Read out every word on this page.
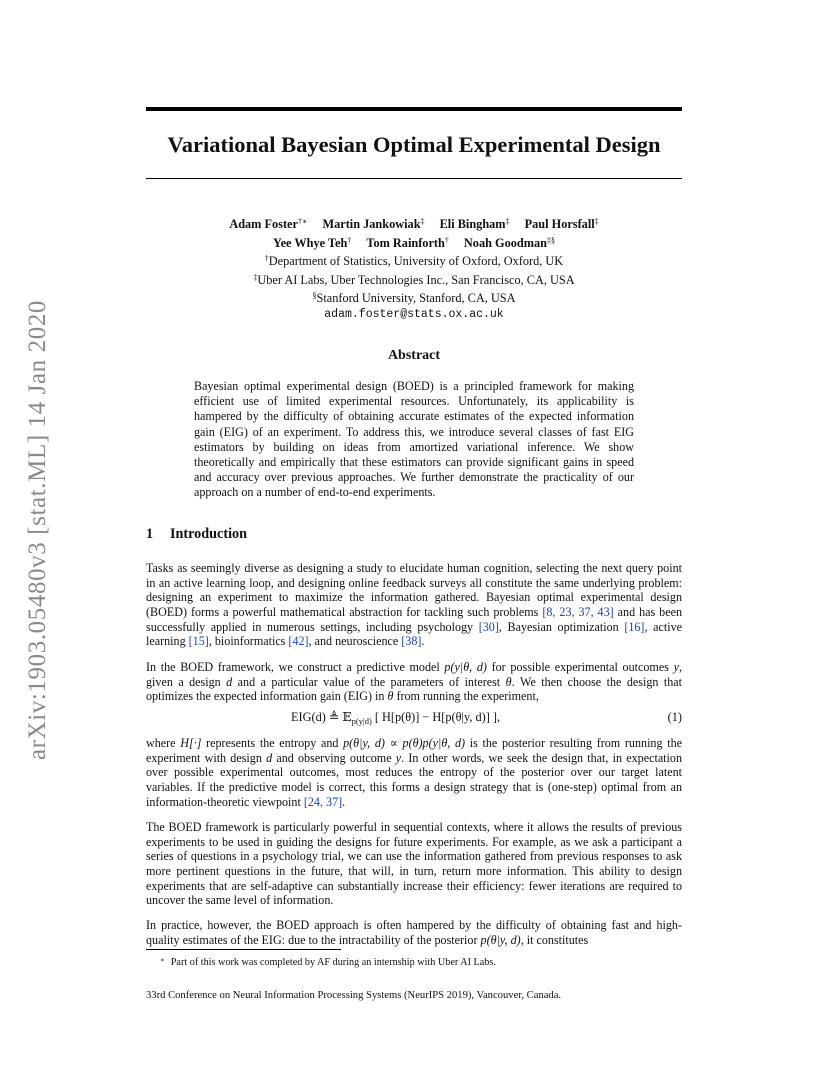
arXiv:1903.05480v3 [stat.ML] 14 Jan 2020
Variational Bayesian Optimal Experimental Design
Adam Foster†∗ Martin Jankowiak‡ Eli Bingham‡ Paul Horsfall‡
Yee Whye Teh† Tom Rainforth† Noah Goodman‡§
†Department of Statistics, University of Oxford, Oxford, UK
‡Uber AI Labs, Uber Technologies Inc., San Francisco, CA, USA
§Stanford University, Stanford, CA, USA
adam.foster@stats.ox.ac.uk
Abstract

Bayesian optimal experimental design (BOED) is a principled framework for making efficient use of limited experimental resources. Unfortunately, its applicability is hampered by the difficulty of obtaining accurate estimates of the expected information gain (EIG) of an experiment. To address this, we introduce several classes of fast EIG estimators by building on ideas from amortized variational inference. We show theoretically and empirically that these estimators can provide significant gains in speed and accuracy over previous approaches. We further demonstrate the practicality of our approach on a number of end-to-end experiments.

1 Introduction

Tasks as seemingly diverse as designing a study to elucidate human cognition, selecting the next query point in an active learning loop, and designing online feedback surveys all constitute the same underlying problem: designing an experiment to maximize the information gathered. Bayesian optimal experimental design (BOED) forms a powerful mathematical abstraction for tackling such problems [8, 23, 37, 43] and has been successfully applied in numerous settings, including psychology [30], Bayesian optimization [16], active learning [15], bioinformatics [42], and neuroscience [38].

In the BOED framework, we construct a predictive model p(y|θ, d) for possible experimental outcomes y, given a design d and a particular value of the parameters of interest θ. We then choose the design that optimizes the expected information gain (EIG) in θ from running the experiment,

EIG(d) ≜ 𝔼$_{p(y|d)}$ [ H[p(θ)] − H[p(θ|y, d)] ],	(1)

where H[·] represents the entropy and p(θ|y, d) ∝ p(θ)p(y|θ, d) is the posterior resulting from running the experiment with design d and observing outcome y. In other words, we seek the design that, in expectation over possible experimental outcomes, most reduces the entropy of the posterior over our target latent variables. If the predictive model is correct, this forms a design strategy that is (one-step) optimal from an information-theoretic viewpoint [24, 37].

The BOED framework is particularly powerful in sequential contexts, where it allows the results of previous experiments to be used in guiding the designs for future experiments. For example, as we ask a participant a series of questions in a psychology trial, we can use the information gathered from previous responses to ask more pertinent questions in the future, that will, in turn, return more information. This ability to design experiments that are self-adaptive can substantially increase their efficiency: fewer iterations are required to uncover the same level of information.

In practice, however, the BOED approach is often hampered by the difficulty of obtaining fast and high-quality estimates of the EIG: due to the intractability of the posterior p(θ|y, d), it constitutes

∗ Part of this work was completed by AF during an internship with Uber AI Labs.

33rd Conference on Neural Information Processing Systems (NeurIPS 2019), Vancouver, Canada.
